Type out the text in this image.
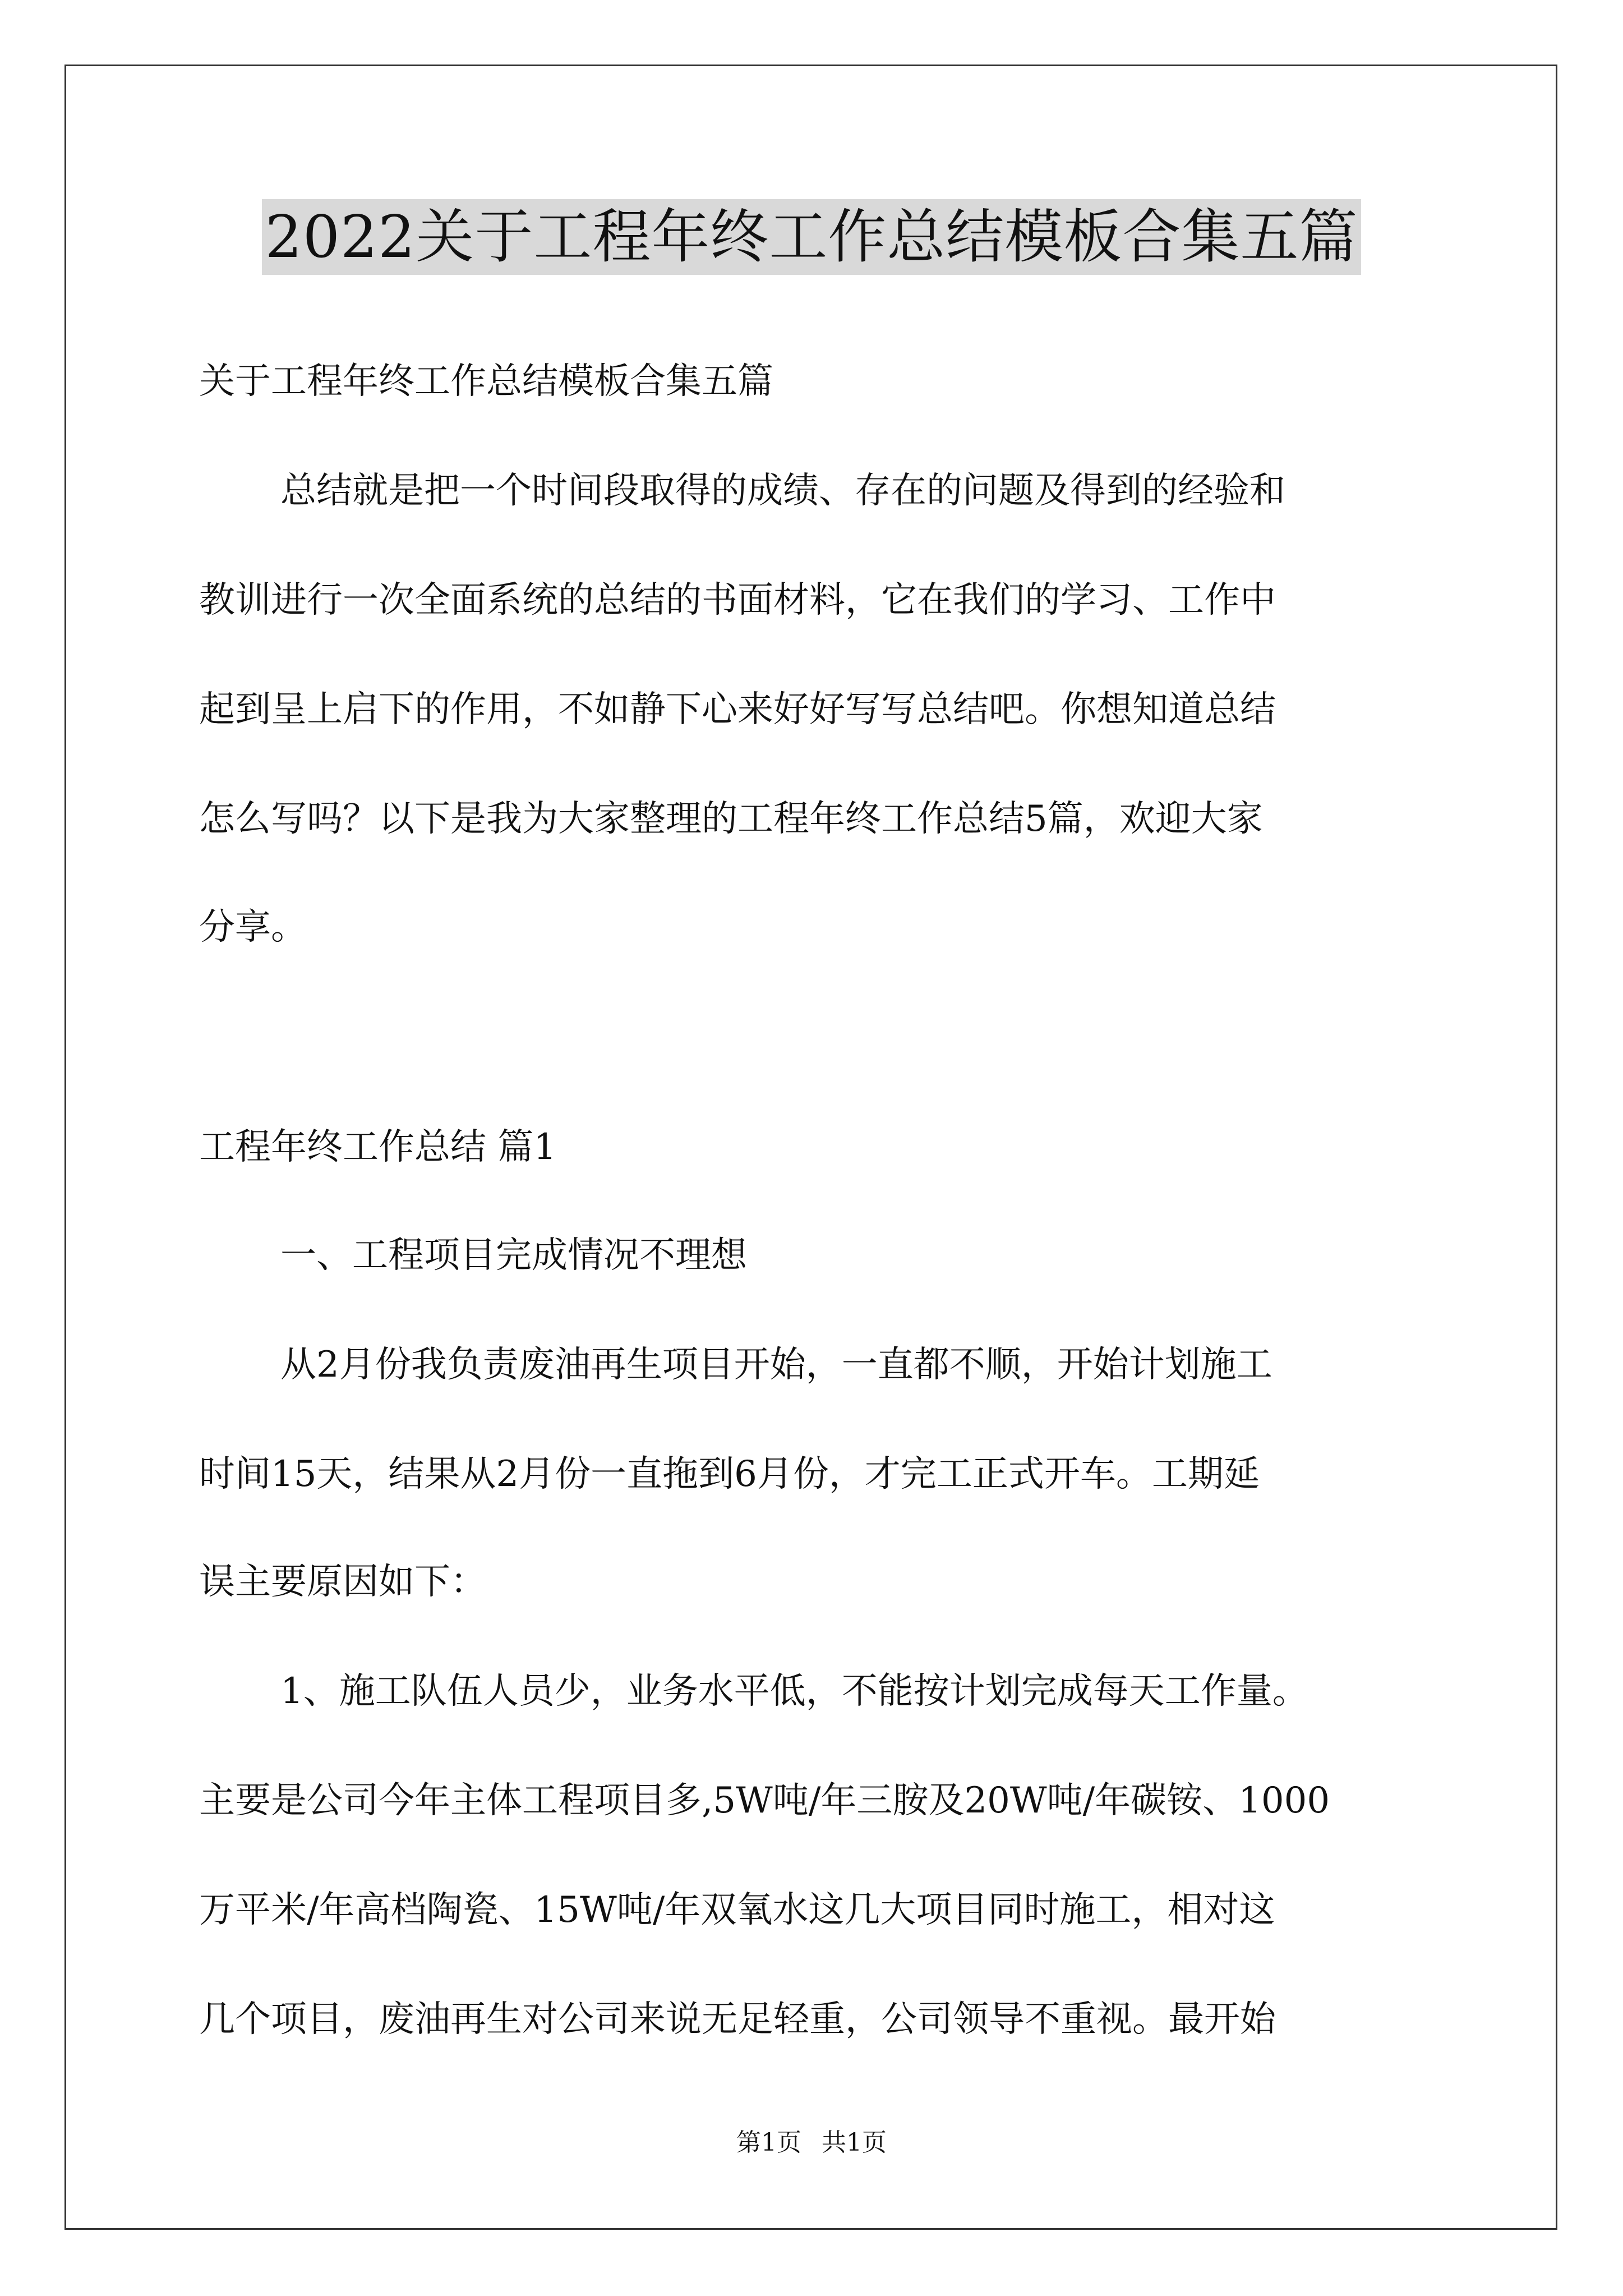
2022关于工程年终工作总结模板合集五篇
关于工程年终工作总结模板合集五篇
总结就是把一个时间段取得的成绩、存在的问题及得到的经验和
教训进行一次全面系统的总结的书面材料，它在我们的学习、工作中
起到呈上启下的作用，不如静下心来好好写写总结吧。你想知道总结
怎么写吗？以下是我为大家整理的工程年终工作总结5篇，欢迎大家
分享。
工程年终工作总结 篇1
一、工程项目完成情况不理想
从2月份我负责废油再生项目开始，一直都不顺，开始计划施工
时间15天，结果从2月份一直拖到6月份，才完工正式开车。工期延
误主要原因如下：
1、施工队伍人员少，业务水平低，不能按计划完成每天工作量。
主要是公司今年主体工程项目多,5W吨/年三胺及20W吨/年碳铵、1000
万平米/年高档陶瓷、15W吨/年双氧水这几大项目同时施工，相对这
几个项目，废油再生对公司来说无足轻重，公司领导不重视。最开始
第1页 共1页
